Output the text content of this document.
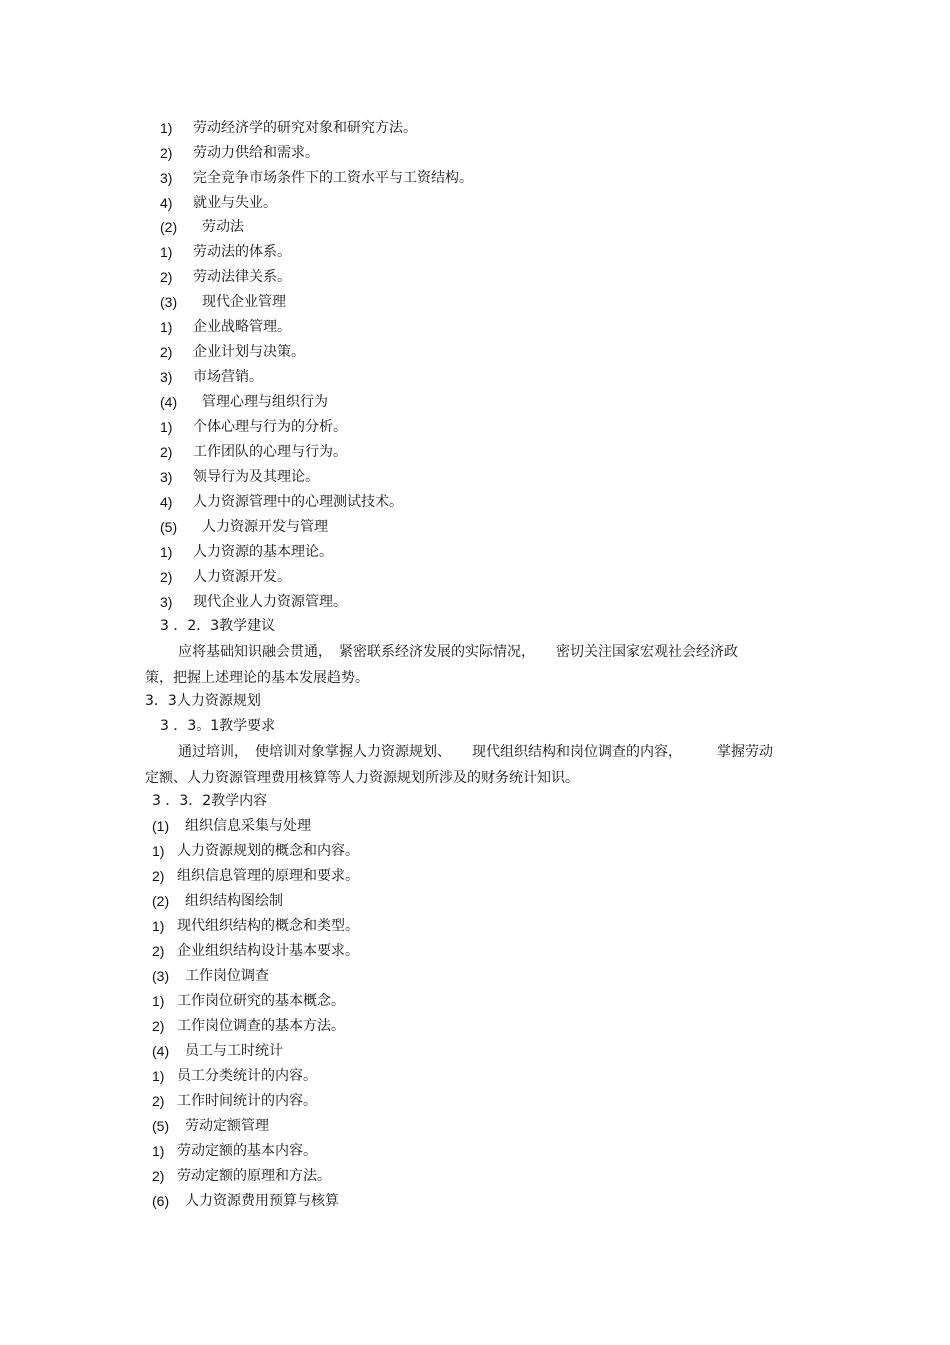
1) 劳动经济学的研究对象和研究方法。
2) 劳动力供给和需求。
3) 完全竞争市场条件下的工资水平与工资结构。
4) 就业与失业。
(2) 劳动法
1) 劳动法的体系。
2) 劳动法律关系。
(3) 现代企业管理
1) 企业战略管理。
2) 企业计划与决策。
3) 市场营销。
(4) 管理心理与组织行为
1) 个体心理与行为的分析。
2) 工作团队的心理与行为。
3) 领导行为及其理论。
4) 人力资源管理中的心理测试技术。
(5) 人力资源开发与管理
1) 人力资源的基本理论。
2) 人力资源开发。
3) 现代企业人力资源管理。
3 ．2．3教学建议
应将基础知识融会贯通，　紧密联系经济发展的实际情况，　　密切关注国家宏观社会经济政
策，把握上述理论的基本发展趋势。
3．3人力资源规划
3 ．3。1教学要求
通过培训，　使培训对象掌握人力资源规划、　　现代组织结构和岗位调查的内容，　　　掌握劳动
定额、人力资源管理费用核算等人力资源规划所涉及的财务统计知识。
3 ．3．2教学内容
(1) 组织信息采集与处理
1) 人力资源规划的概念和内容。
2) 组织信息管理的原理和要求。
(2) 组织结构图绘制
1) 现代组织结构的概念和类型。
2) 企业组织结构设计基本要求。
(3) 工作岗位调查
1) 工作岗位研究的基本概念。
2) 工作岗位调查的基本方法。
(4) 员工与工时统计
1) 员工分类统计的内容。
2) 工作时间统计的内容。
(5) 劳动定额管理
1) 劳动定额的基本内容。
2) 劳动定额的原理和方法。
(6) 人力资源费用预算与核算
